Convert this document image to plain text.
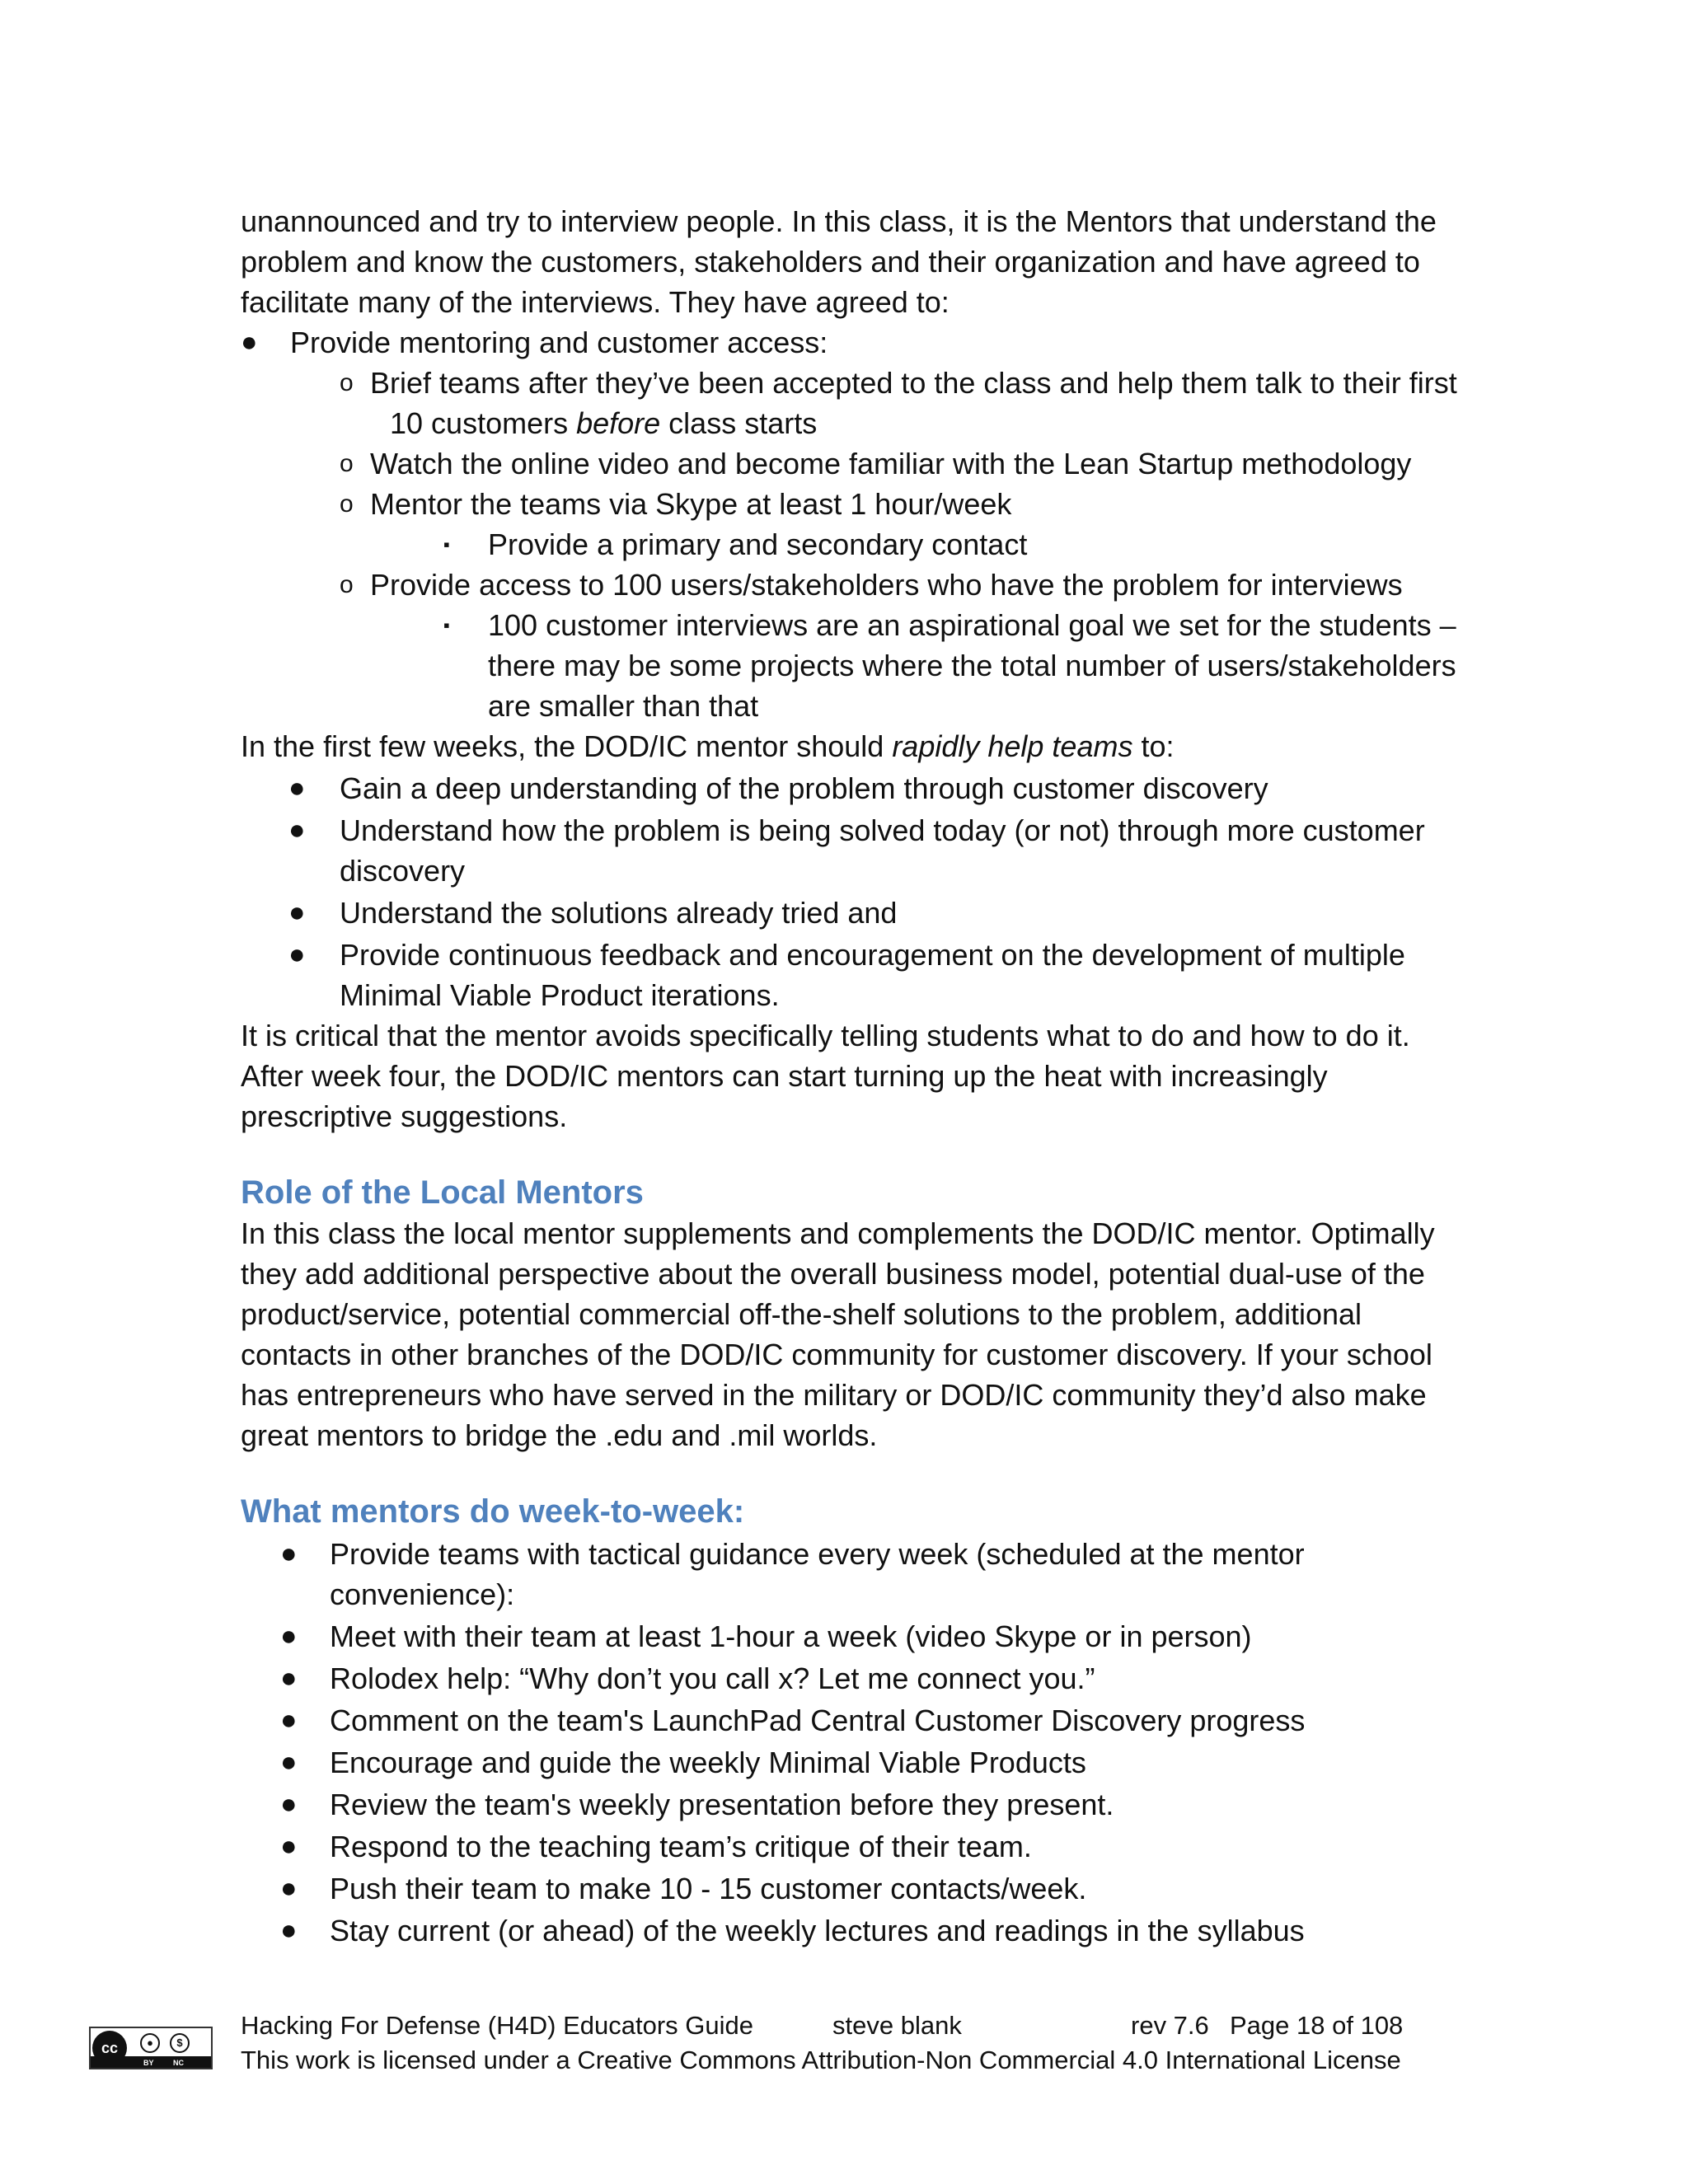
unannounced and try to interview people. In this class, it is the Mentors that understand the problem and know the customers, stakeholders and their organization and have agreed to facilitate many of the interviews. They have agreed to:

● Provide mentoring and customer access:
o Brief teams after they’ve been accepted to the class and help them talk to their first 10 customers before class starts
o Watch the online video and become familiar with the Lean Startup methodology
o Mentor the teams via Skype at least 1 hour/week
▪ Provide a primary and secondary contact
o Provide access to 100 users/stakeholders who have the problem for interviews
▪ 100 customer interviews are an aspirational goal we set for the students – there may be some projects where the total number of users/stakeholders are smaller than that

In the first few weeks, the DOD/IC mentor should rapidly help teams to:

● Gain a deep understanding of the problem through customer discovery
● Understand how the problem is being solved today (or not) through more customer discovery
● Understand the solutions already tried and
● Provide continuous feedback and encouragement on the development of multiple Minimal Viable Product iterations.

It is critical that the mentor avoids specifically telling students what to do and how to do it. After week four, the DOD/IC mentors can start turning up the heat with increasingly prescriptive suggestions.

Role of the Local Mentors

In this class the local mentor supplements and complements the DOD/IC mentor. Optimally they add additional perspective about the overall business model, potential dual-use of the product/service, potential commercial off-the-shelf solutions to the problem, additional contacts in other branches of the DOD/IC community for customer discovery. If your school has entrepreneurs who have served in the military or DOD/IC community they’d also make great mentors to bridge the .edu and .mil worlds.

What mentors do week-to-week:
● Provide teams with tactical guidance every week (scheduled at the mentor convenience):
● Meet with their team at least 1-hour a week (video Skype or in person)
● Rolodex help: “Why don’t you call x? Let me connect you.”
● Comment on the team's LaunchPad Central Customer Discovery progress
● Encourage and guide the weekly Minimal Viable Products
● Review the team's weekly presentation before they present.
● Respond to the teaching team’s critique of their team.
● Push their team to make 10 - 15 customer contacts/week.
● Stay current (or ahead) of the weekly lectures and readings in the syllabus
cc	●	$
BY	NC
Hacking For Defense (H4D) Educators Guide	steve blank	rev 7.6 Page 18 of 108
This work is licensed under a Creative Commons Attribution-Non Commercial 4.0 International License
